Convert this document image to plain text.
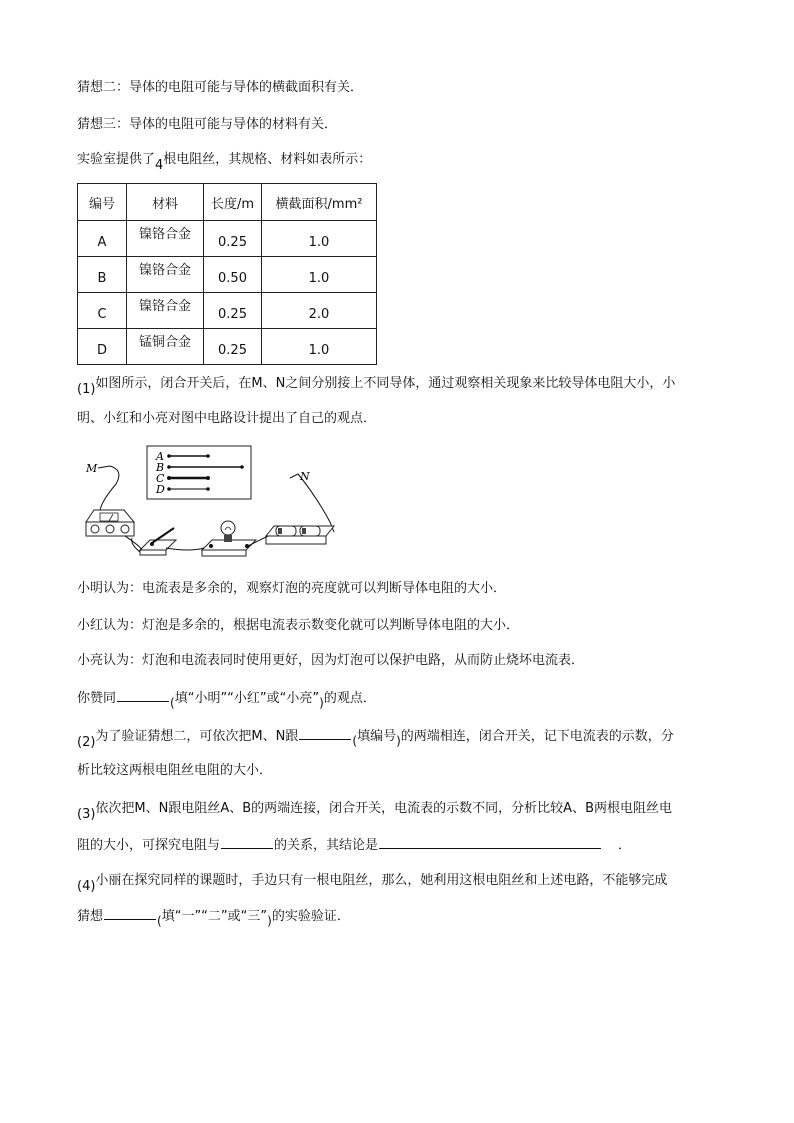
猜想二：导体的电阻可能与导体的横截面积有关．
猜想三：导体的电阻可能与导体的材料有关．
实验室提供了4根电阻丝，其规格、材料如表所示：
编号	材料	长度/m	横截面积/mm²
A	镍铬合金	0.25	1.0
B	镍铬合金	0.50	1.0
C	镍铬合金	0.25	2.0
D	锰铜合金	0.25	1.0
(1)如图所示，闭合开关后，在M、N之间分别接上不同导体，通过观察相关现象来比较导体电阻大小，小
明、小红和小亮对图中电路设计提出了自己的观点．
A
B
C
D
M
N
小明认为：电流表是多余的，观察灯泡的亮度就可以判断导体电阻的大小．
小红认为：灯泡是多余的，根据电流表示数变化就可以判断导体电阻的大小．
小亮认为：灯泡和电流表同时使用更好，因为灯泡可以保护电路，从而防止烧坏电流表．
你赞同	(填“小明”“小红”或“小亮”)的观点．
(2)为了验证猜想二，可依次把M、N跟	(填编号)的两端相连，闭合开关，记下电流表的示数，分
析比较这两根电阻丝电阻的大小．
(3)依次把M、N跟电阻丝A、B的两端连接，闭合开关，电流表的示数不同，分析比较A、B两根电阻丝电
阻的大小，可探究电阻与	的关系，其结论是	．
(4)小丽在探究同样的课题时，手边只有一根电阻丝，那么，她利用这根电阻丝和上述电路，不能够完成
猜想	(填“一”“二”或“三”)的实验验证．
